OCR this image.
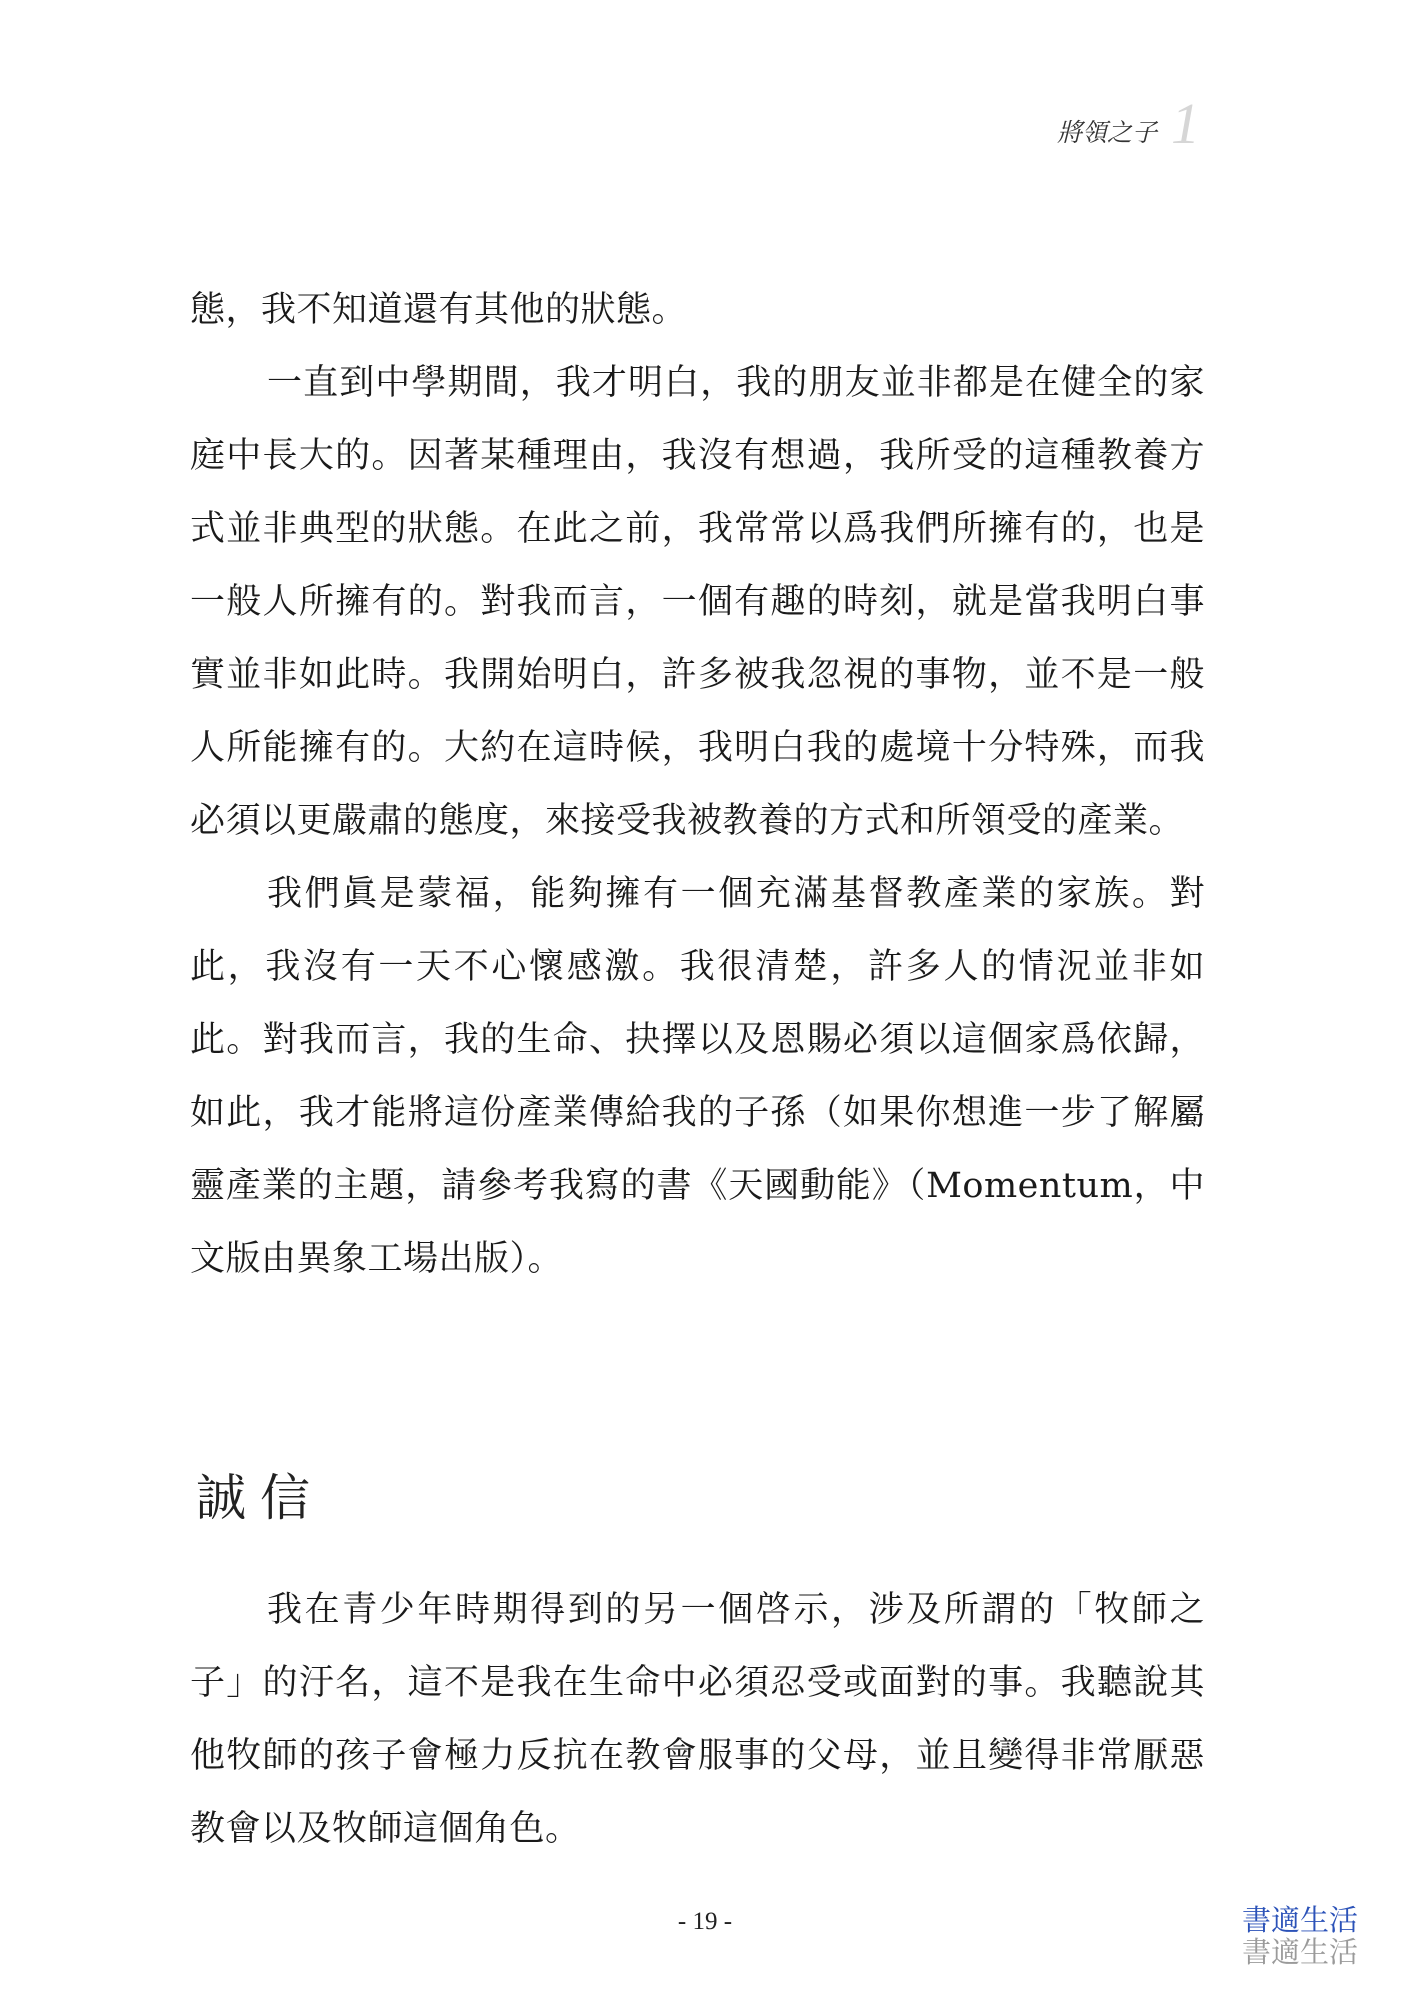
將領之子 1

態，我不知道還有其他的狀態。

一直到中學期間，我才明白，我的朋友並非都是在健全的家庭中長大的。因著某種理由，我沒有想過，我所受的這種教養方式並非典型的狀態。在此之前，我常常以爲我們所擁有的，也是一般人所擁有的。對我而言，一個有趣的時刻，就是當我明白事實並非如此時。我開始明白，許多被我忽視的事物，並不是一般人所能擁有的。大約在這時候，我明白我的處境十分特殊，而我必須以更嚴肅的態度，來接受我被教養的方式和所領受的產業。

我們眞是蒙福，能夠擁有一個充滿基督教產業的家族。對此，我沒有一天不心懷感激。我很清楚，許多人的情況並非如此。對我而言，我的生命、抉擇以及恩賜必須以這個家爲依歸，如此，我才能將這份產業傳給我的子孫（如果你想進一步了解屬靈產業的主題，請參考我寫的書《天國動能》（Momentum，中文版由異象工場出版）。

誠信

我在青少年時期得到的另一個啓示，涉及所謂的「牧師之子」的汙名，這不是我在生命中必須忍受或面對的事。我聽說其他牧師的孩子會極力反抗在教會服事的父母，並且變得非常厭惡教會以及牧師這個角色。

- 19 -	書適生活
書適生活
